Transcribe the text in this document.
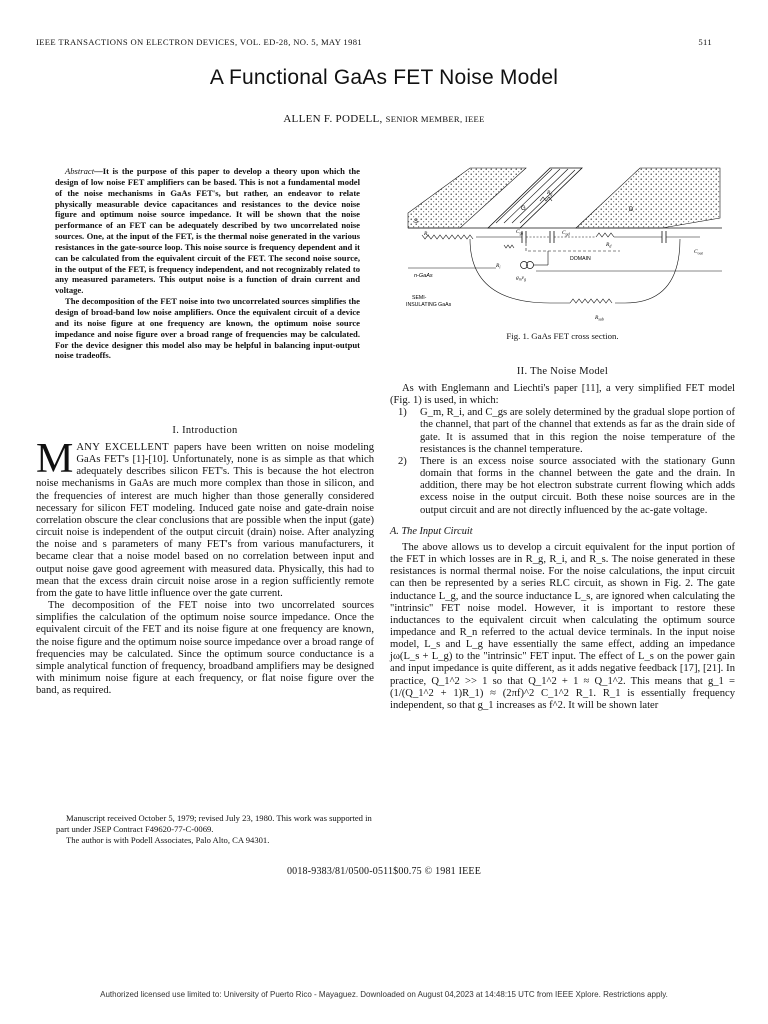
IEEE TRANSACTIONS ON ELECTRON DEVICES, VOL. ED-28, NO. 5, MAY 1981	511
A Functional GaAs FET Noise Model
ALLEN F. PODELL, SENIOR MEMBER, IEEE

Abstract—It is the purpose of this paper to develop a theory upon which the design of low noise FET amplifiers can be based. This is not a fundamental model of the noise mechanisms in GaAs FET's, but rather, an endeavor to relate physically measurable device capacitances and resistances to the device noise figure and optimum noise source impedance. It will be shown that the noise performance of an FET can be adequately described by two uncorrelated noise sources. One, at the input of the FET, is the thermal noise generated in the various resistances in the gate-source loop. This noise source is frequency dependent and it can be calculated from the equivalent circuit of the FET. The second noise source, in the output of the FET, is frequency independent, and not recognizably related to any measured parameters. This output noise is a function of drain current and voltage.

The decomposition of the FET noise into two uncorrelated sources simplifies the design of broad-band low noise amplifiers. Once the equivalent circuit of a device and its noise figure at one frequency are known, the optimum noise source impedance and noise figure over a broad range of frequencies may be calculated. For the device designer this model also may be helpful in balancing input-output noise tradeoffs.

I. Introduction

MANY EXCELLENT papers have been written on noise modeling GaAs FET's [1]-[10]. Unfortunately, none is as simple as that which adequately describes silicon FET's. This is because the hot electron noise mechanisms in GaAs are much more complex than those in silicon, and the frequencies of interest are much higher than those generally considered necessary for silicon FET modeling. Induced gate noise and gate-drain noise correlation obscure the clear conclusions that are possible when the input (gate) circuit noise is independent of the output circuit (drain) noise. After analyzing the noise and s parameters of many FET's from various manufacturers, it became clear that a noise model based on no correlation between input and output noise gave good agreement with measured data. Physically, this had to mean that the excess drain circuit noise arose in a region sufficiently remote from the gate to have little influence over the gate current.

The decomposition of the FET noise into two uncorrelated sources simplifies the calculation of the optimum noise source impedance. Once the equivalent circuit of the FET and its noise figure at one frequency are known, the noise figure and the optimum noise source impedance over a broad range of frequencies may be calculated. Since the optimum source conductance is a simple analytical function of frequency, broadband amplifiers may be designed with minimum noise figure at each frequency, or flat noise figure over the band, as required.

Manuscript received October 5, 1979; revised July 23, 1980. This work was supported in part under JSEP Contract F49620-77-C-0069.

The author is with Podell Associates, Palo Alto, CA 94301.

S
G	D
$R_g$
$R_s$	$C_{gs}$	$C_{gd}$
$R_d$
$C_{out}$
DOMAIN
$R_i$
$g_mv_g$
n-GaAs
SEMI-
INSULATING GaAs
$R_{sub}$
Fig. 1. GaAs FET cross section.
II. The Noise Model

As with Englemann and Liechti's paper [11], a very simplified FET model (Fig. 1) is used, in which:

1) G_m, R_i, and C_gs are solely determined by the gradual slope portion of the channel, that part of the channel that extends as far as the drain side of gate. It is assumed that in this region the noise temperature of the resistances is the channel temperature.
2) There is an excess noise source associated with the stationary Gunn domain that forms in the channel between the gate and the drain. In addition, there may be hot electron substrate current flowing which adds excess noise in the output circuit. Both these noise sources are in the output circuit and are not directly influenced by the ac-gate voltage.

A. The Input Circuit

The above allows us to develop a circuit equivalent for the input portion of the FET in which losses are in R_g, R_i, and R_s. The noise generated in these resistances is normal thermal noise. For the noise calculations, the input circuit can then be represented by a series RLC circuit, as shown in Fig. 2. The gate inductance L_g, and the source inductance L_s, are ignored when calculating the "intrinsic" FET noise model. However, it is important to restore these inductances to the equivalent circuit when calculating the optimum source impedance and R_n referred to the actual device terminals. In the input noise model, L_s and L_g have essentially the same effect, adding an impedance jω(L_s + L_g) to the "intrinsic" FET input. The effect of L_s on the power gain and input impedance is quite different, as it adds negative feedback [17], [21]. In practice, Q_1^2 >> 1 so that Q_1^2 + 1 ≈ Q_1^2. This means that g_1 = (1/(Q_1^2 + 1)R_1) ≈ (2πf)^2 C_1^2 R_1. R_1 is essentially frequency independent, so that g_1 increases as f^2. It will be shown later

0018-9383/81/0500-0511$00.75 © 1981 IEEE
Authorized licensed use limited to: University of Puerto Rico - Mayaguez. Downloaded on August 04,2023 at 14:48:15 UTC from IEEE Xplore. Restrictions apply.
